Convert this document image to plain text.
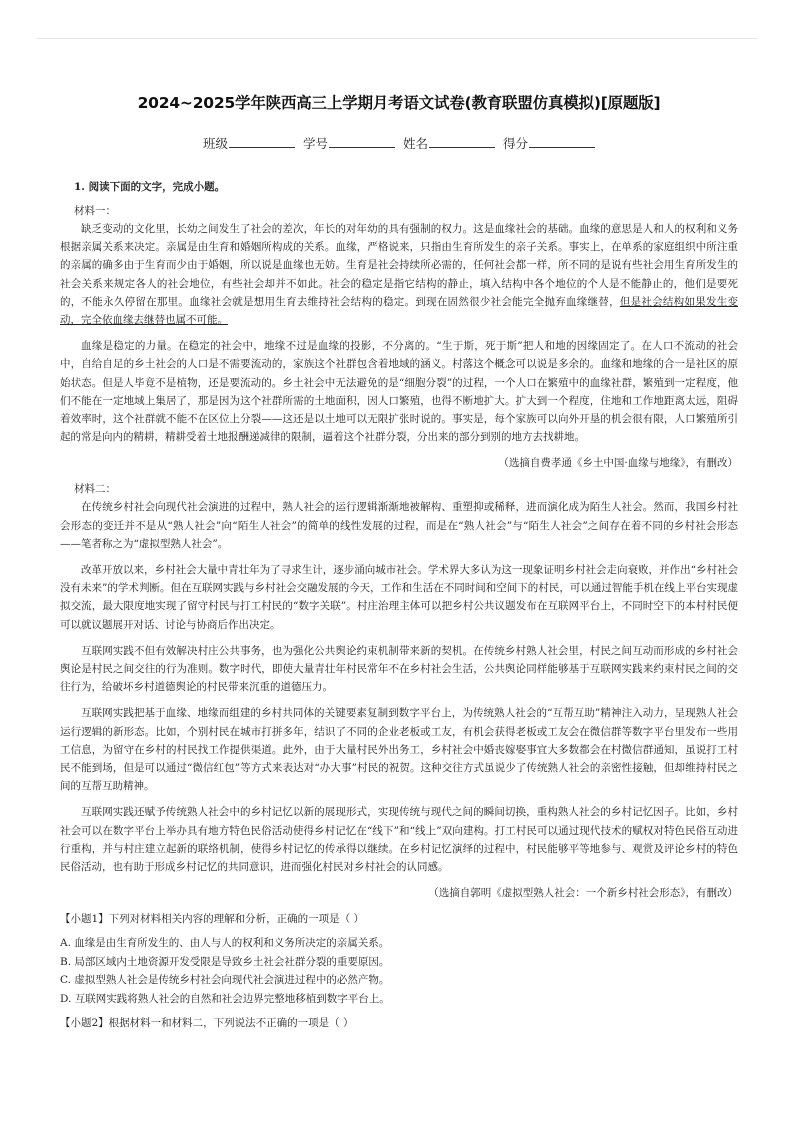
2024~2025学年陕西高三上学期月考语文试卷(教育联盟仿真模拟)[原题版]
班级	学号	姓名	得分
1. 阅读下面的文字，完成小题。
材料一：

缺乏变动的文化里，长幼之间发生了社会的差次，年长的对年幼的具有强制的权力。这是血缘社会的基础。血缘的意思是人和人的权利和义务根据亲属关系来决定。亲属是由生育和婚姻所构成的关系。血缘，严格说来，只指由生育所发生的亲子关系。事实上，在单系的家庭组织中所注重的亲属的确多由于生育而少由于婚姻，所以说是血缘也无妨。生育是社会持续所必需的，任何社会都一样，所不同的是说有些社会用生育所发生的社会关系来规定各人的社会地位，有些社会却并不如此。社会的稳定是指它结构的静止，填入结构中各个地位的个人是不能静止的，他们是要死的，不能永久停留在那里。血缘社会就是想用生育去维持社会结构的稳定。到现在固然很少社会能完全抛弃血缘继替，但是社会结构如果发生变动，完全依血缘去继替也属不可能。

血缘是稳定的力量。在稳定的社会中，地缘不过是血缘的投影，不分离的。“生于斯，死于斯”把人和地的因缘固定了。在人口不流动的社会中，自给自足的乡土社会的人口是不需要流动的，家族这个社群包含着地域的涵义。村落这个概念可以说是多余的。血缘和地缘的合一是社区的原始状态。但是人毕竟不是植物，还是要流动的。乡土社会中无法避免的是“细胞分裂”的过程，一个人口在繁殖中的血缘社群，繁殖到一定程度，他们不能在一定地域上集居了，那是因为这个社群所需的土地面积，因人口繁殖，也得不断地扩大。扩大到一个程度，住地和工作地距离太远，阻碍着效率时，这个社群就不能不在区位上分裂——这还是以土地可以无限扩张时说的。事实是，每个家族可以向外开垦的机会很有限，人口繁殖所引起的常是向内的精耕，精耕受着土地报酬递减律的限制，逼着这个社群分裂，分出来的部分到别的地方去找耕地。

（选摘自费孝通《乡土中国·血缘与地缘》，有删改）
材料二：

在传统乡村社会向现代社会演进的过程中，熟人社会的运行逻辑渐渐地被解构、重塑抑或稀释，进而演化成为陌生人社会。然而，我国乡村社会形态的变迁并不是从“熟人社会”向“陌生人社会”的简单的线性发展的过程，而是在“熟人社会”与“陌生人社会”之间存在着不同的乡村社会形态——笔者称之为“虚拟型熟人社会”。

改革开放以来，乡村社会大量中青壮年为了寻求生计，逐步涌向城市社会。学术界大多认为这一现象证明乡村社会走向衰败，并作出“乡村社会没有未来”的学术判断。但在互联网实践与乡村社会交融发展的今天，工作和生活在不同时间和空间下的村民，可以通过智能手机在线上平台实现虚拟交流，最大限度地实现了留守村民与打工村民的“数字关联”。村庄治理主体可以把乡村公共议题发布在互联网平台上，不同时空下的本村村民便可以就议题展开对话、讨论与协商后作出决定。

互联网实践不但有效解决村庄公共事务，也为强化公共舆论约束机制带来新的契机。在传统乡村熟人社会里，村民之间互动而形成的乡村社会舆论是村民之间交往的行为准则。数字时代，即使大量青壮年村民常年不在乡村社会生活，公共舆论同样能够基于互联网实践来约束村民之间的交往行为，给破坏乡村道德舆论的村民带来沉重的道德压力。

互联网实践把基于血缘、地缘而组建的乡村共同体的关键要素复制到数字平台上，为传统熟人社会的“互帮互助”精神注入动力，呈现熟人社会运行逻辑的新形态。比如，个别村民在城市打拼多年，结识了不同的企业老板或工友，有机会获得老板或工友会在微信群等数字平台里发布一些用工信息，为留守在乡村的村民找工作提供渠道。此外，由于大量村民外出务工，乡村社会中婚丧嫁娶事宜大多数都会在村微信群通知，虽说打工村民不能到场，但是可以通过“微信红包”等方式来表达对“办大事”村民的祝贺。这种交往方式虽说少了传统熟人社会的亲密性接触，但却维持村民之间的互帮互助精神。

互联网实践还赋予传统熟人社会中的乡村记忆以新的展现形式，实现传统与现代之间的瞬间切换，重构熟人社会的乡村记忆因子。比如，乡村社会可以在数字平台上举办具有地方特色民俗活动使得乡村记忆在“线下”和“线上”双向建构。打工村民可以通过现代技术的赋权对特色民俗互动进行重构，并与村庄建立起新的联络机制，使得乡村记忆的传承得以继续。在乡村记忆演绎的过程中，村民能够平等地参与、观赏及评论乡村的特色民俗活动，也有助于形成乡村记忆的共同意识，进而强化村民对乡村社会的认同感。

（选摘自郭明《虚拟型熟人社会：一个新乡村社会形态》，有删改）
【小题1】下列对材料相关内容的理解和分析，正确的一项是（ ）
A. 血缘是由生育所发生的、由人与人的权利和义务所决定的亲属关系。
B. 局部区域内土地资源开发受限是导致乡土社会社群分裂的重要原因。
C. 虚拟型熟人社会是传统乡村社会向现代社会演进过程中的必然产物。
D. 互联网实践将熟人社会的自然和社会边界完整地移植到数字平台上。
【小题2】根据材料一和材料二，下列说法不正确的一项是（ ）
